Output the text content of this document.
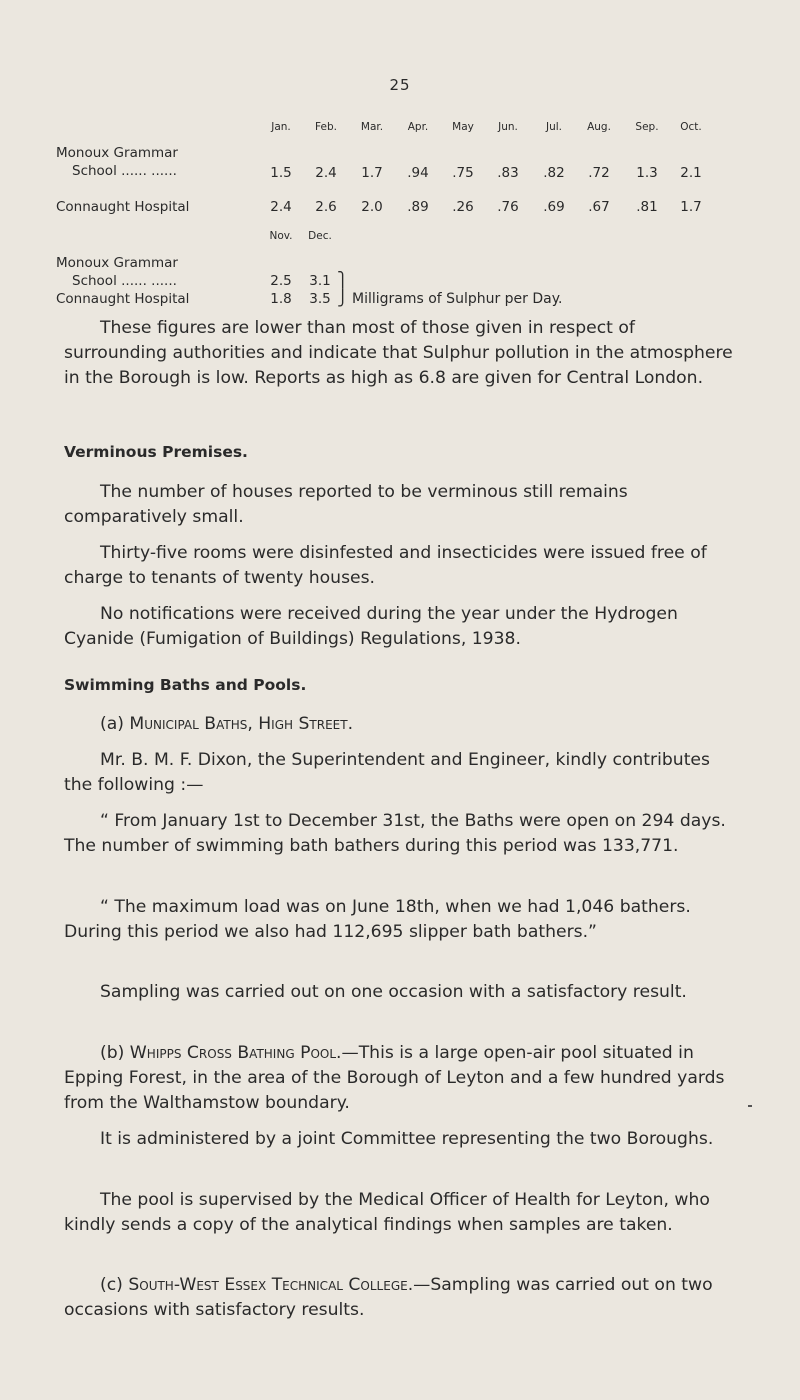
25
Jan. Feb. Mar. Apr. May Jun.	Jul. Aug. Sep. Oct.
Monoux Grammar
School ...... ......	1.5 2.4 1.7 .94 .75 .83 .82 .72 1.3 2.1
Connaught Hospital	2.4 2.6 2.0 .89 .26 .76 .69 .67 .81 1.7
Nov. Dec.
Monoux Grammar
School ...... ......	2.5 3.1
Connaught Hospital	1.8 3.5
⎫
⎭ Milligrams of Sulphur per Day.

These figures are lower than most of those given in respect of surrounding authorities and indicate that Sulphur pollution in the atmosphere in the Borough is low. Reports as high as 6.8 are given for Central London.

Verminous Premises.

The number of houses reported to be verminous still remains comparatively small.

Thirty-five rooms were disinfested and insecticides were issued free of charge to tenants of twenty houses.

No notifications were received during the year under the Hydrogen Cyanide (Fumigation of Buildings) Regulations, 1938.

Swimming Baths and Pools.

(a) Municipal Baths, High Street.

Mr. B. M. F. Dixon, the Superintendent and Engineer, kindly contributes the following :—

“ From January 1st to December 31st, the Baths were open on 294 days. The number of swimming bath bathers during this period was 133,771.

“ The maximum load was on June 18th, when we had 1,046 bathers. During this period we also had 112,695 slipper bath bathers.”

Sampling was carried out on one occasion with a satisfactory result.

(b) Whipps Cross Bathing Pool.—This is a large open-air pool situated in Epping Forest, in the area of the Borough of Leyton and a few hundred yards from the Walthamstow boundary.

It is administered by a joint Committee representing the two Boroughs.

The pool is supervised by the Medical Officer of Health for Leyton, who kindly sends a copy of the analytical findings when samples are taken.

(c) South-West Essex Technical College.—Sampling was carried out on two occasions with satisfactory results.
